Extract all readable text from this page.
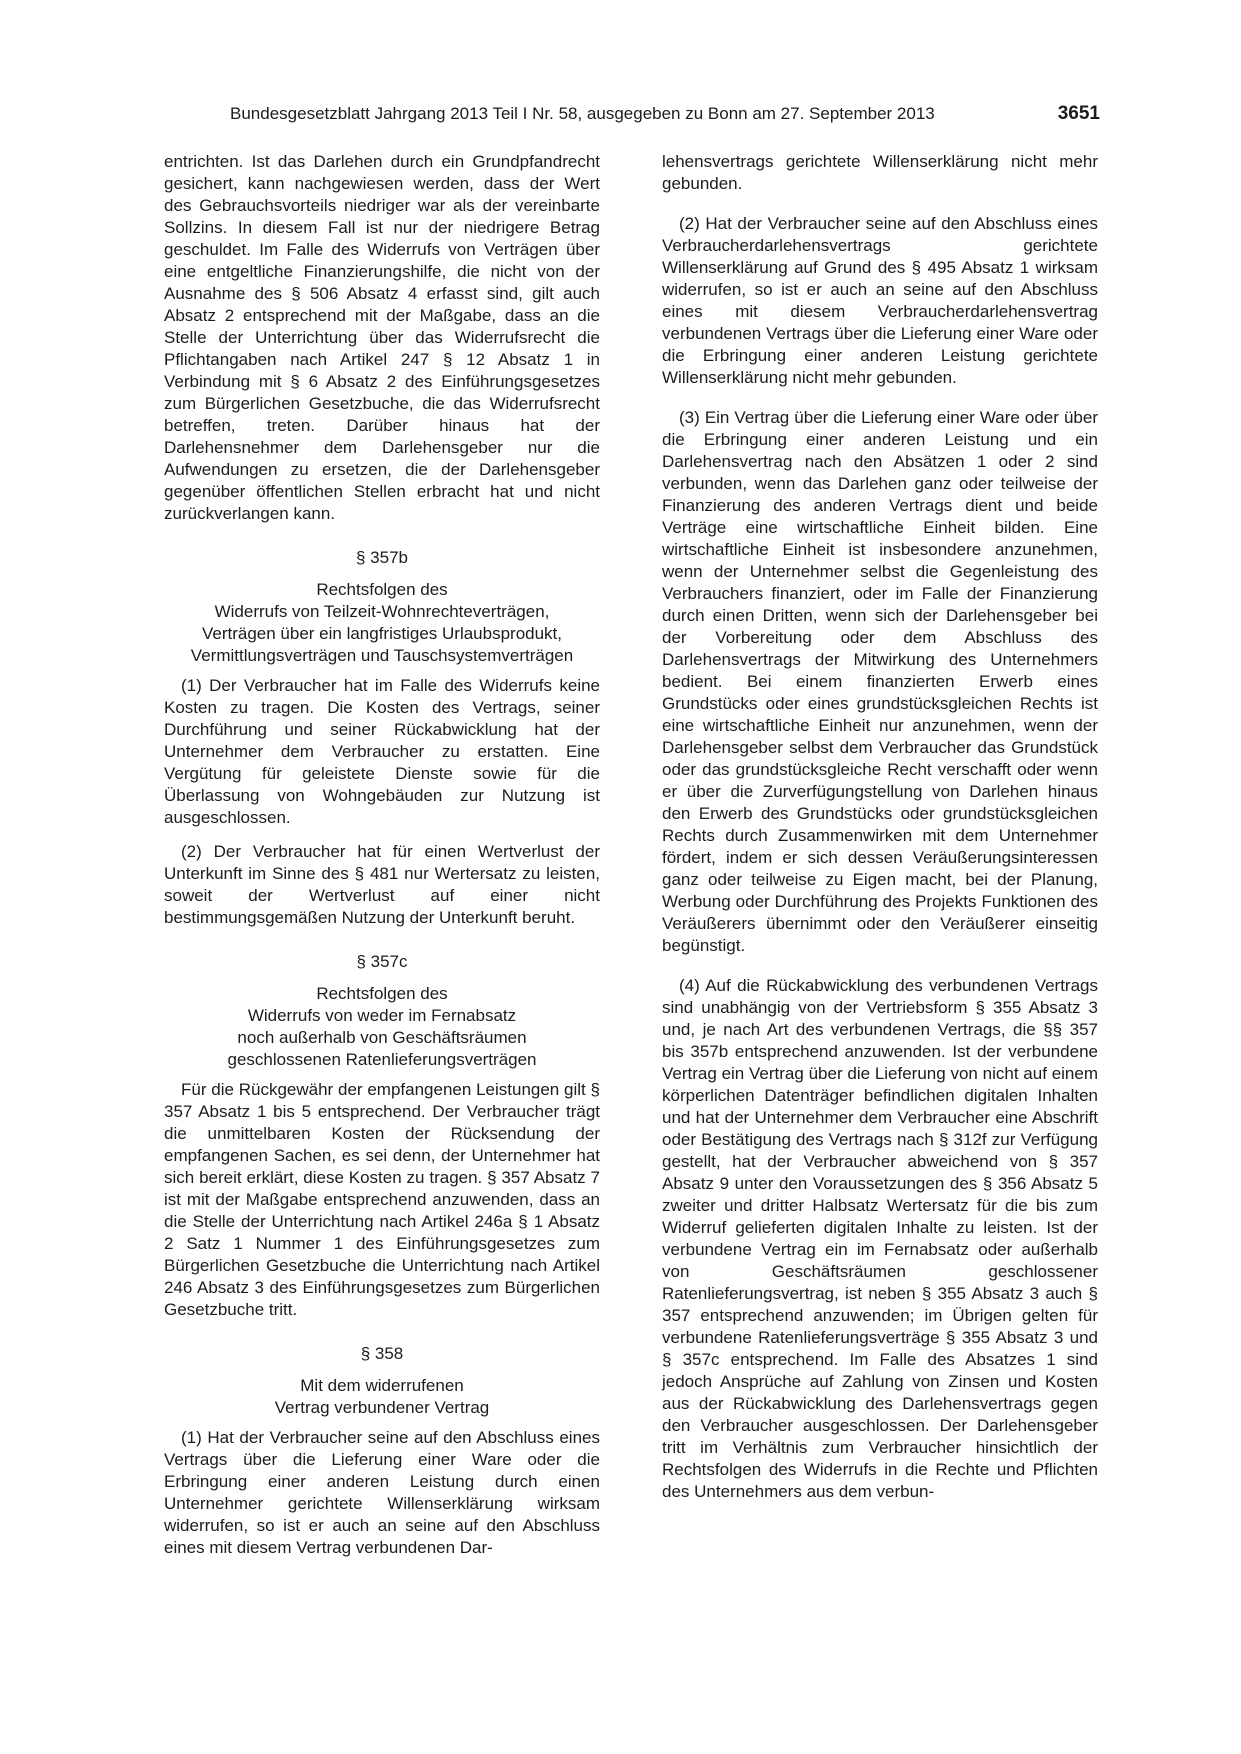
Bundesgesetzblatt Jahrgang 2013 Teil I Nr. 58, ausgegeben zu Bonn am 27. September 2013	3651

entrichten. Ist das Darlehen durch ein Grundpfandrecht gesichert, kann nachgewiesen werden, dass der Wert des Gebrauchsvorteils niedriger war als der vereinbarte Sollzins. In diesem Fall ist nur der niedrigere Betrag geschuldet. Im Falle des Widerrufs von Verträgen über eine entgeltliche Finanzierungshilfe, die nicht von der Ausnahme des § 506 Absatz 4 erfasst sind, gilt auch Absatz 2 entsprechend mit der Maßgabe, dass an die Stelle der Unterrichtung über das Widerrufsrecht die Pflichtangaben nach Artikel 247 § 12 Absatz 1 in Verbindung mit § 6 Absatz 2 des Einführungsgesetzes zum Bürgerlichen Gesetzbuche, die das Widerrufsrecht betreffen, treten. Darüber hinaus hat der Darlehensnehmer dem Darlehensgeber nur die Aufwendungen zu ersetzen, die der Darlehensgeber gegenüber öffentlichen Stellen erbracht hat und nicht zurückverlangen kann.

§ 357b
Rechtsfolgen des
Widerrufs von Teilzeit-Wohnrechteverträgen,
Verträgen über ein langfristiges Urlaubsprodukt,
Vermittlungsverträgen und Tauschsystemverträgen

(1) Der Verbraucher hat im Falle des Widerrufs keine Kosten zu tragen. Die Kosten des Vertrags, seiner Durchführung und seiner Rückabwicklung hat der Unternehmer dem Verbraucher zu erstatten. Eine Vergütung für geleistete Dienste sowie für die Überlassung von Wohngebäuden zur Nutzung ist ausgeschlossen.

(2) Der Verbraucher hat für einen Wertverlust der Unterkunft im Sinne des § 481 nur Wertersatz zu leisten, soweit der Wertverlust auf einer nicht bestimmungsgemäßen Nutzung der Unterkunft beruht.

§ 357c
Rechtsfolgen des
Widerrufs von weder im Fernabsatz
noch außerhalb von Geschäftsräumen
geschlossenen Ratenlieferungsverträgen

Für die Rückgewähr der empfangenen Leistungen gilt § 357 Absatz 1 bis 5 entsprechend. Der Verbraucher trägt die unmittelbaren Kosten der Rücksendung der empfangenen Sachen, es sei denn, der Unternehmer hat sich bereit erklärt, diese Kosten zu tragen. § 357 Absatz 7 ist mit der Maßgabe entsprechend anzuwenden, dass an die Stelle der Unterrichtung nach Artikel 246a § 1 Absatz 2 Satz 1 Nummer 1 des Einführungsgesetzes zum Bürgerlichen Gesetzbuche die Unterrichtung nach Artikel 246 Absatz 3 des Einführungsgesetzes zum Bürgerlichen Gesetzbuche tritt.

§ 358
Mit dem widerrufenen
Vertrag verbundener Vertrag

(1) Hat der Verbraucher seine auf den Abschluss eines Vertrags über die Lieferung einer Ware oder die Erbringung einer anderen Leistung durch einen Unternehmer gerichtete Willenserklärung wirksam widerrufen, so ist er auch an seine auf den Abschluss eines mit diesem Vertrag verbundenen Dar-

lehensvertrags gerichtete Willenserklärung nicht mehr gebunden.

(2) Hat der Verbraucher seine auf den Abschluss eines Verbraucherdarlehensvertrags gerichtete Willenserklärung auf Grund des § 495 Absatz 1 wirksam widerrufen, so ist er auch an seine auf den Abschluss eines mit diesem Verbraucherdarlehensvertrag verbundenen Vertrags über die Lieferung einer Ware oder die Erbringung einer anderen Leistung gerichtete Willenserklärung nicht mehr gebunden.

(3) Ein Vertrag über die Lieferung einer Ware oder über die Erbringung einer anderen Leistung und ein Darlehensvertrag nach den Absätzen 1 oder 2 sind verbunden, wenn das Darlehen ganz oder teilweise der Finanzierung des anderen Vertrags dient und beide Verträge eine wirtschaftliche Einheit bilden. Eine wirtschaftliche Einheit ist insbesondere anzunehmen, wenn der Unternehmer selbst die Gegenleistung des Verbrauchers finanziert, oder im Falle der Finanzierung durch einen Dritten, wenn sich der Darlehensgeber bei der Vorbereitung oder dem Abschluss des Darlehensvertrags der Mitwirkung des Unternehmers bedient. Bei einem finanzierten Erwerb eines Grundstücks oder eines grundstücksgleichen Rechts ist eine wirtschaftliche Einheit nur anzunehmen, wenn der Darlehensgeber selbst dem Verbraucher das Grundstück oder das grundstücksgleiche Recht verschafft oder wenn er über die Zurverfügungstellung von Darlehen hinaus den Erwerb des Grundstücks oder grundstücksgleichen Rechts durch Zusammenwirken mit dem Unternehmer fördert, indem er sich dessen Veräußerungsinteressen ganz oder teilweise zu Eigen macht, bei der Planung, Werbung oder Durchführung des Projekts Funktionen des Veräußerers übernimmt oder den Veräußerer einseitig begünstigt.

(4) Auf die Rückabwicklung des verbundenen Vertrags sind unabhängig von der Vertriebsform § 355 Absatz 3 und, je nach Art des verbundenen Vertrags, die §§ 357 bis 357b entsprechend anzuwenden. Ist der verbundene Vertrag ein Vertrag über die Lieferung von nicht auf einem körperlichen Datenträger befindlichen digitalen Inhalten und hat der Unternehmer dem Verbraucher eine Abschrift oder Bestätigung des Vertrags nach § 312f zur Verfügung gestellt, hat der Verbraucher abweichend von § 357 Absatz 9 unter den Voraussetzungen des § 356 Absatz 5 zweiter und dritter Halbsatz Wertersatz für die bis zum Widerruf gelieferten digitalen Inhalte zu leisten. Ist der verbundene Vertrag ein im Fernabsatz oder außerhalb von Geschäftsräumen geschlossener Ratenlieferungsvertrag, ist neben § 355 Absatz 3 auch § 357 entsprechend anzuwenden; im Übrigen gelten für verbundene Ratenlieferungsverträge § 355 Absatz 3 und § 357c entsprechend. Im Falle des Absatzes 1 sind jedoch Ansprüche auf Zahlung von Zinsen und Kosten aus der Rückabwicklung des Darlehensvertrags gegen den Verbraucher ausgeschlossen. Der Darlehensgeber tritt im Verhältnis zum Verbraucher hinsichtlich der Rechtsfolgen des Widerrufs in die Rechte und Pflichten des Unternehmers aus dem verbun-
